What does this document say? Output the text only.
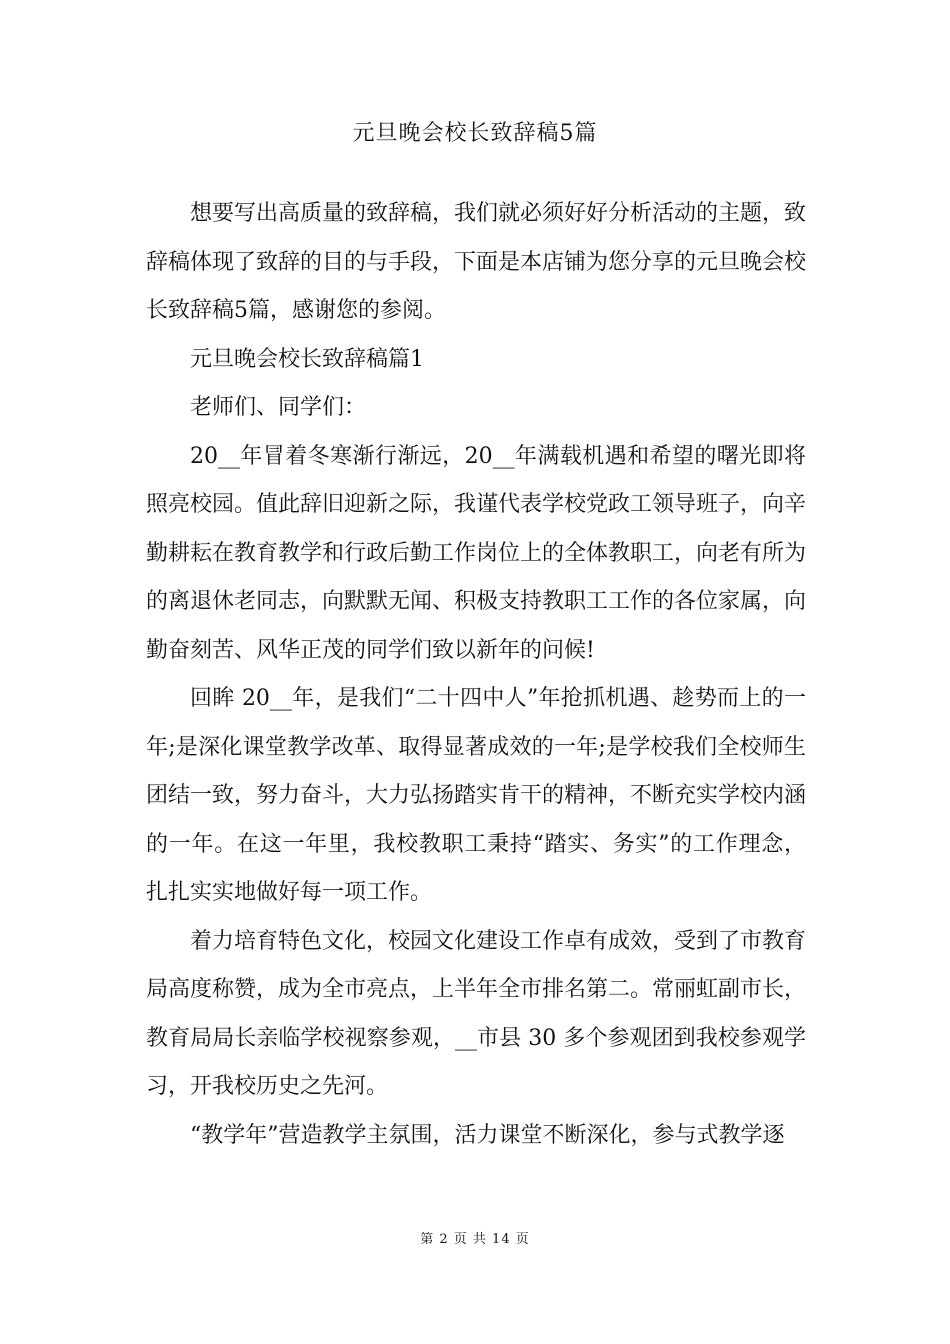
元旦晚会校长致辞稿5篇

想要写出高质量的致辞稿，我们就必须好好分析活动的主题，致辞稿体现了致辞的目的与手段，下面是本店铺为您分享的元旦晚会校长致辞稿5篇，感谢您的参阅。

元旦晚会校长致辞稿篇1

老师们、同学们：

20__年冒着冬寒渐行渐远，20__年满载机遇和希望的曙光即将照亮校园。值此辞旧迎新之际，我谨代表学校党政工领导班子，向辛勤耕耘在教育教学和行政后勤工作岗位上的全体教职工，向老有所为的离退休老同志，向默默无闻、积极支持教职工工作的各位家属，向勤奋刻苦、风华正茂的同学们致以新年的问候!

回眸 20__年，是我们“二十四中人”年抢抓机遇、趁势而上的一年;是深化课堂教学改革、取得显著成效的一年;是学校我们全校师生团结一致，努力奋斗，大力弘扬踏实肯干的精神，不断充实学校内涵的一年。在这一年里，我校教职工秉持“踏实、务实”的工作理念，扎扎实实地做好每一项工作。

着力培育特色文化，校园文化建设工作卓有成效，受到了市教育局高度称赞，成为全市亮点，上半年全市排名第二。常丽虹副市长，教育局局长亲临学校视察参观，__市县 30 多个参观团到我校参观学习，开我校历史之先河。

“教学年”营造教学主氛围，活力课堂不断深化，参与式教学逐

第 2 页 共 14 页
